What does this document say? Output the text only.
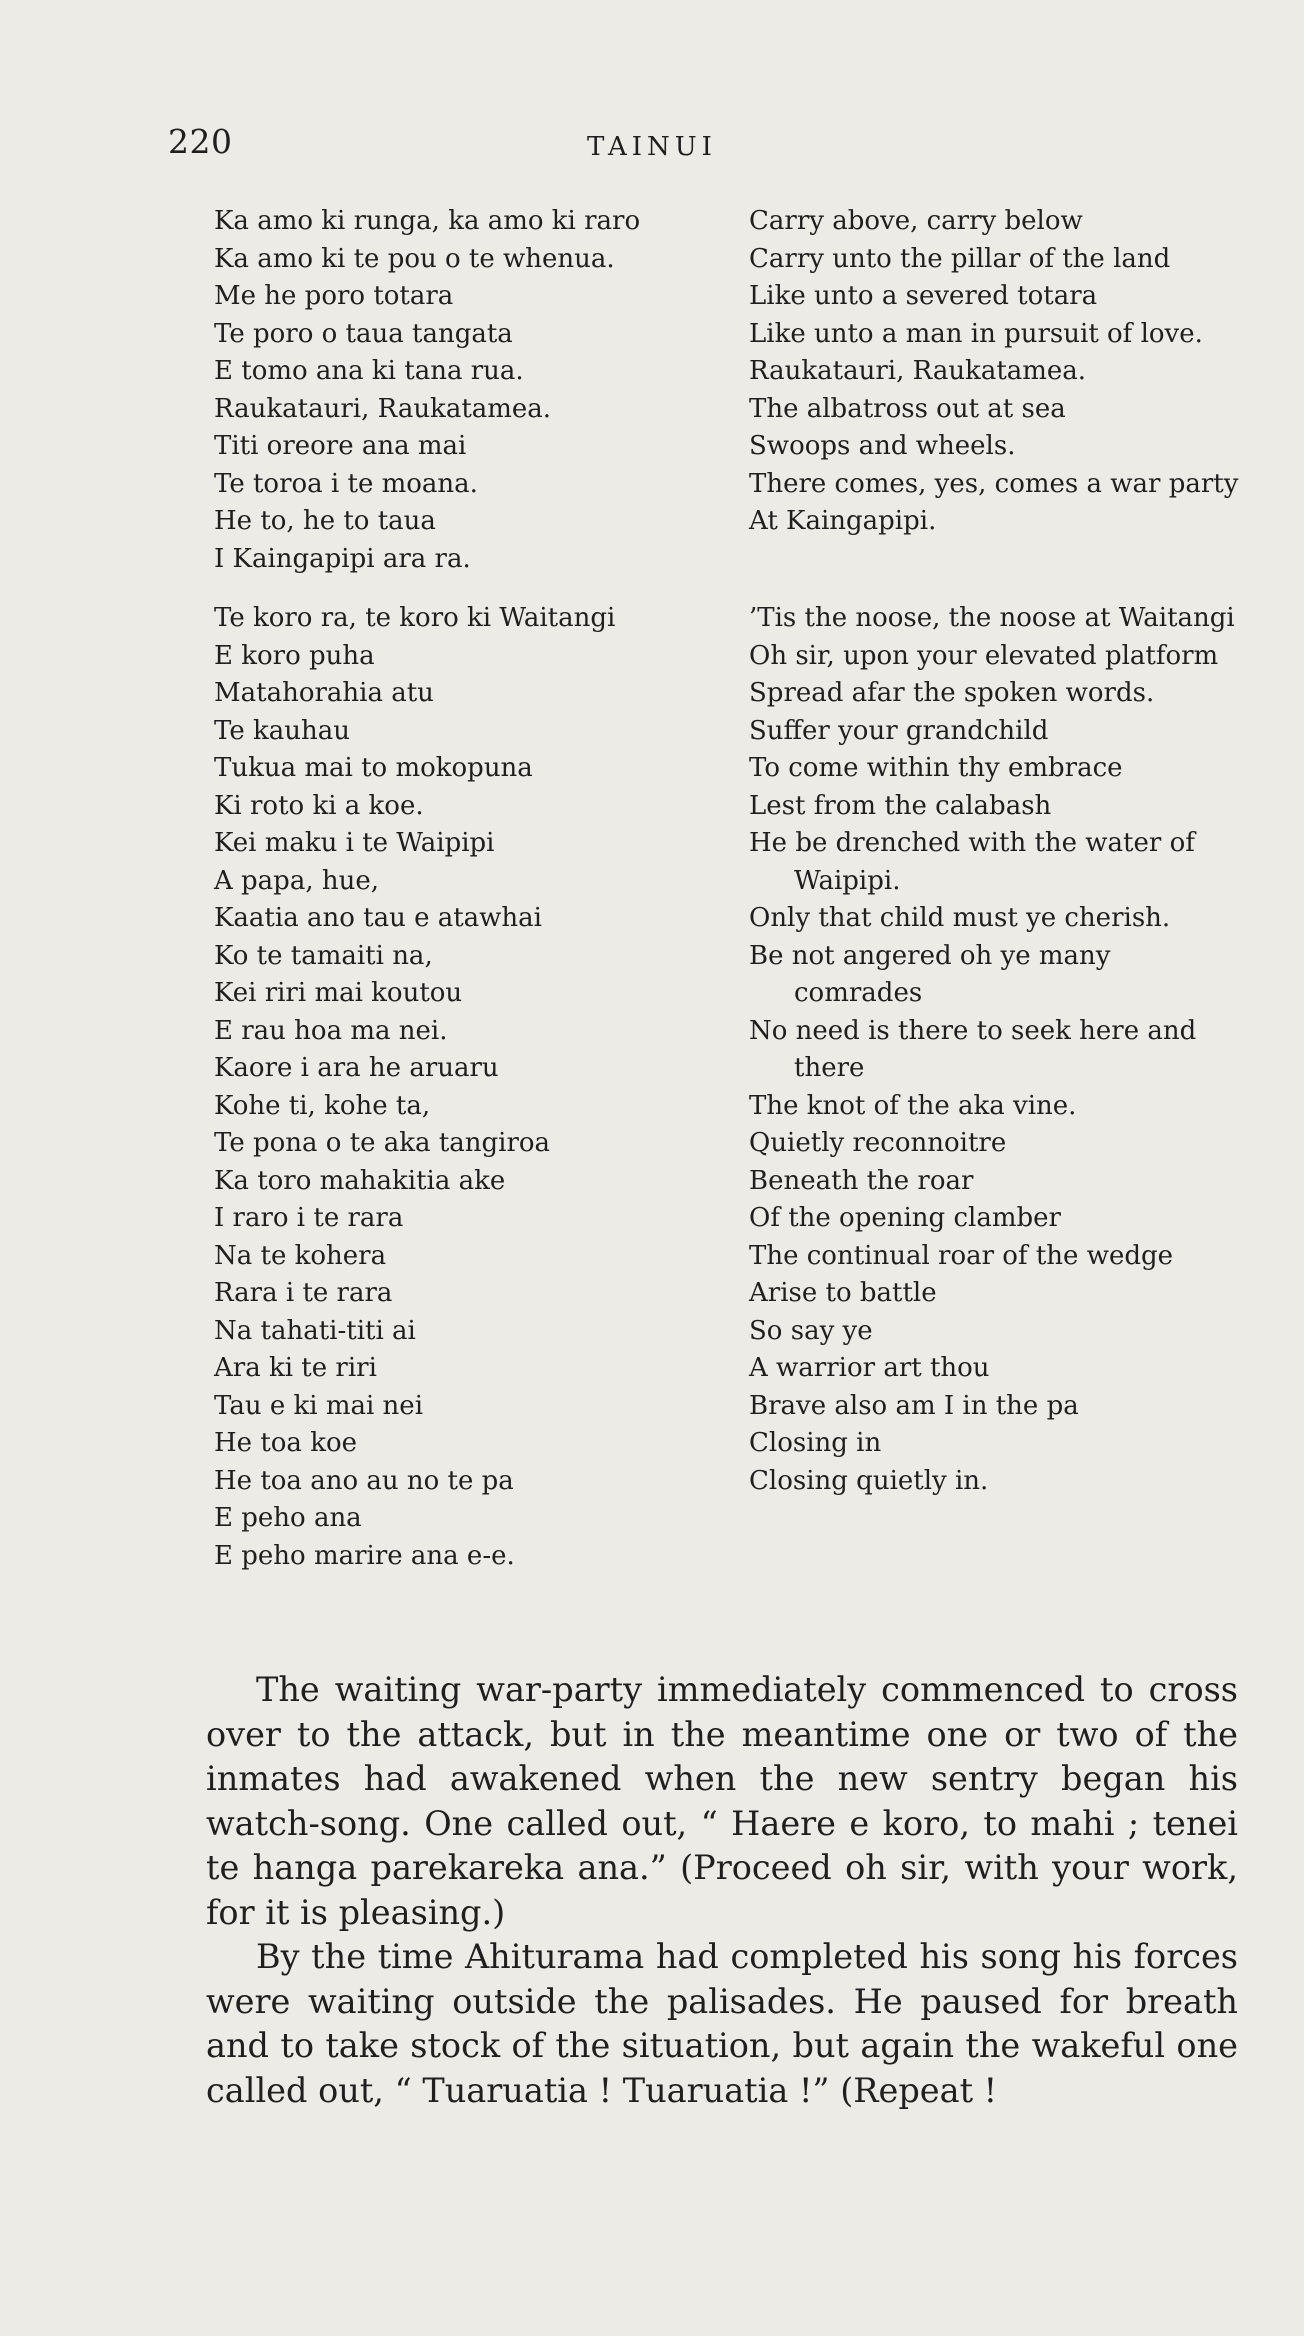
220	TAINUI
Ka amo ki runga, ka amo ki raro
Ka amo ki te pou o te whenua.
Me he poro totara
Te poro o taua tangata
E tomo ana ki tana rua.
Raukatauri, Raukatamea.
Titi oreore ana mai
Te toroa i te moana.
He to, he to taua
I Kaingapipi ara ra.
Carry above, carry below
Carry unto the pillar of the land
Like unto a severed totara
Like unto a man in pursuit of love.
Raukatauri, Raukatamea.
The albatross out at sea
Swoops and wheels.
There comes, yes, comes a war party
At Kaingapipi.
Te koro ra, te koro ki Waitangi
E koro puha
Matahorahia atu
Te kauhau
Tukua mai to mokopuna
Ki roto ki a koe.
Kei maku i te Waipipi
A papa, hue,
Kaatia ano tau e atawhai
Ko te tamaiti na,
Kei riri mai koutou
E rau hoa ma nei.
Kaore i ara he aruaru
Kohe ti, kohe ta,
Te pona o te aka tangiroa
Ka toro mahakitia ake
I raro i te rara
Na te kohera
Rara i te rara
Na tahati-titi ai
Ara ki te riri
Tau e ki mai nei
He toa koe
He toa ano au no te pa
E peho ana
E peho marire ana e-e.
’Tis the noose, the noose at Waitangi
Oh sir, upon your elevated platform
Spread afar the spoken words.
Suffer your grandchild
To come within thy embrace
Lest from the calabash
He be drenched with the water of Waipipi.
Only that child must ye cherish.
Be not angered oh ye many comrades
No need is there to seek here and there
The knot of the aka vine.
Quietly reconnoitre
Beneath the roar
Of the opening clamber
The continual roar of the wedge
Arise to battle
So say ye
A warrior art thou
Brave also am I in the pa
Closing in
Closing quietly in.

The waiting war-party immediately commenced to cross over to the attack, but in the meantime one or two of the inmates had awakened when the new sentry began his watch-song. One called out, “ Haere e koro, to mahi ; tenei te hanga parekareka ana.” (Proceed oh sir, with your work, for it is pleasing.)

By the time Ahiturama had completed his song his forces were waiting outside the palisades. He paused for breath and to take stock of the situation, but again the wakeful one called out, “ Tuaruatia ! Tuaruatia !” (Repeat !
